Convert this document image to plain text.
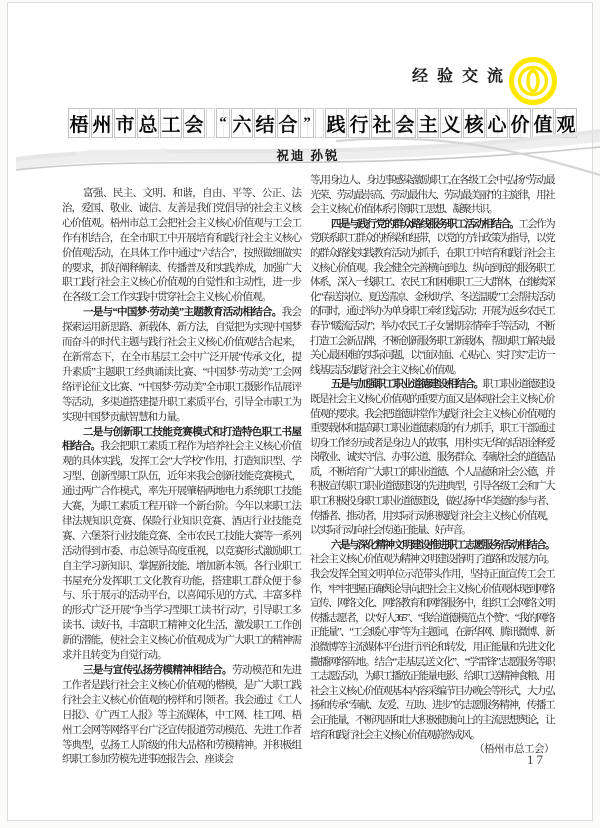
经验交流
梧 州 市 总 工 会 “ 六 结 合 ” 践 行 社 会 主 义 核 心 价 值 观
祝迪 孙锐

富强、民主、文明、和谐，自由、平等、公正、法治，爱国、敬业、诚信、友善是我们党倡导的社会主义核心价值观。梧州市总工会把社会主义核心价值观与工会工作有机结合，在全市职工中开展培育和践行社会主义核心价值观活动，在具体工作中通过“六结合”，按照做细做实的要求，抓好阐释解读、传播普及和实践养成，加强广大职工践行社会主义核心价值观的自觉性和主动性，进一步在各级工会工作实践中贯穿社会主义核心价值观。

一是与“中国梦·劳动美”主题教育活动相结合。我会探索运用新思路、新载体、新方法，自觉把为实现中国梦而奋斗的时代主题与践行社会主义核心价值观结合起来，在新常态下，在全市基层工会中广泛开展“传承文化，提升素质”主题职工经典诵读比赛、“中国梦·劳动美”工会网络评论征文比赛、“中国梦·劳动美”全市职工摄影作品展评等活动，多渠道搭建提升职工素质平台，引导全市职工为实现中国梦贡献智慧和力量。

二是与创新职工技能竞赛模式和打造特色职工书屋相结合。我会把职工素质工程作为培养社会主义核心价值观的具体实践，发挥工会“大学校”作用，打造知识型、学习型、创新型职工队伍，近年来我会创新技能竞赛模式，通过两广合作模式，率先开展肇梧两地电力系统职工技能大赛，为职工素质工程开辟一个新台阶。今年以来职工法律法规知识竞赛、保险行业知识竞赛、酒店行业技能竞赛、六堡茶行业技能竞赛、全市农民工技能大赛等一系列活动得到市委、市总领导高度重视，以竞赛形式激励职工自主学习新知识、掌握新技能、增加新本领。各行业职工书屋充分发挥职工文化教育功能，搭建职工群众便于参与、乐于展示的活动平台，以喜闻乐见的方式、丰富多样的形式广泛开展“争当学习型职工读书行动”，引导职工多读书、读好书，丰富职工精神文化生活，激发职工工作创新的潜能，使社会主义核心价值观成为广大职工的精神需求并且转变为自觉行动。

三是与宣传弘扬劳模精神相结合。劳动模范和先进工作者是践行社会主义核心价值观的楷模，是广大职工践行社会主义核心价值观的榜样和引领者。我会通过《工人日报》、《广西工人报》等主流媒体，中工网、桂工网、梧州工会网等网络平台广泛宣传报道劳动模范、先进工作者等典型，弘扬工人阶级的伟大品格和劳模精神。并积极组织职工参加劳模先进事迹报告会、座谈会

等,用身边人、身边事感染激励职工,在各级工会中弘扬“劳动最光荣、劳动最崇高、劳动最伟大、劳动最美丽”的主旋律，用社会主义核心价值体系引领职工思想、凝聚共识。

四是与践行党的群众路线服务职工活动相结合。工会作为党联系职工群众的桥梁和纽带，以党的方针政策为指导，以党的群众路线实践教育活动为抓手，在职工中培育和践行社会主义核心价值观。我会健全完善横向到边、纵向到底的服务职工体系，深入一线职工、农民工和困难职工三大群体，在继续深化“春送岗位、夏送清凉、金秋助学、冬送温暖”工会帮扶活动的同时，通过举办为单身职工牵红线活动；开展为返乡农民工春节“暖流活动”；举办农民工子女暑期亲情牵手等活动，不断打造工会新品牌，不断创新服务职工新载体，帮助职工解决最关心最困难的实际问题，以“面对面、心贴心、实打实”走访一线基层活动践行社会主义核心价值观。

五是与加强职工职业道德建设相结合。职工职业道德建设既是社会主义核心价值观的重要方面又是体现社会主义核心价值观的要求。我会把道德讲堂作为践行社会主义核心价值观的重要载体和提高职工职业道德素质的有力抓手，职工干部通过切身工作经历或者是身边人的故事，用朴实无华的话语诠释爱岗敬业、诚实守信、办事公道、服务群众、奉献社会的道德品质，不断培育广大职工的职业道德、个人品德和社会公德，并积极宣传职工职业道德建设的先进典型，引导各级工会和广大职工积极投身职工职业道德建设，做弘扬中华美德的参与者、传播者、推动者，用实际行动积极践行社会主义核心价值观，以实际行动向社会传递正能量、好声音。

六是与深化精神文明建设推进职工志愿服务活动相结合。社会主义核心价值观为精神文明建设指明了道路和发展方向。我会发挥全国文明单位示范带头作用，坚持正面宣传工会工作，牢牢把握正确舆论导向,把社会主义核心价值观体现到网络宣传、网络文化、网络教育和网络服务中，组织工会网络文明传播志愿者，以“好人365”、“我给道德模范点个赞”、“我的网络正能量”、“工会暖心事”等为主题词，在新华网、腾讯微博、新浪微博等主流媒体平台进行评论和转发，用正能量和先进文化撒播网络阵地。结合“走基层,送文化”、“学雷锋”志愿服务等职工志愿活动，为职工播放正能量电影、给职工送精神食粮、用社会主义核心价值观基本内容采编节目办晚会等形式，大力弘扬和传承“奉献、友爱、互助、进步”的志愿服务精神，传播工会正能量，不断巩固和壮大积极健康向上的主流思想舆论，让培育和践行社会主义核心价值观蔚然成风。
（梧州市总工会）

17
